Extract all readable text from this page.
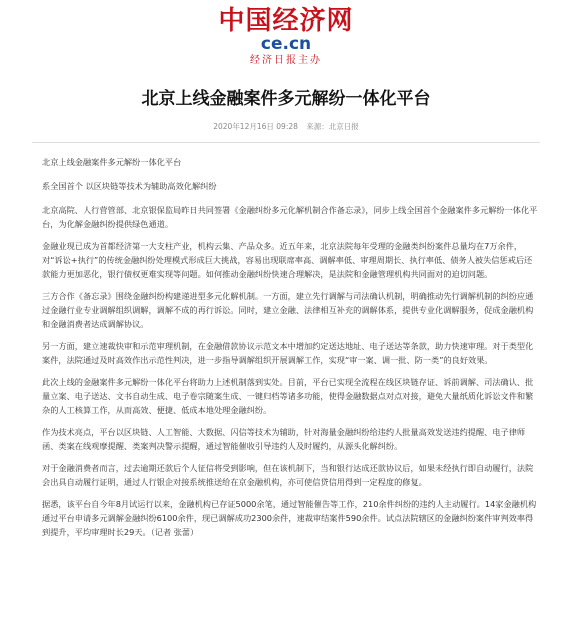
中国经济网
ce.cn
经济日报主办
北京上线金融案件多元解纷一体化平台
2020年12月16日 09:28 来源：北京日报

北京上线金融案件多元解纷一体化平台

系全国首个 以区块链等技术为辅助高效化解纠纷

北京高院、人行营管部、北京银保监局昨日共同签署《金融纠纷多元化解机制合作备忘录》，同步上线全国首个金融案件多元解纷一体化平台，为化解金融纠纷提供绿色通道。

金融业现已成为首都经济第一大支柱产业，机构云集、产品众多。近五年来，北京法院每年受理的金融类纠纷案件总量均在7万余件，对“诉讼+执行”的传统金融纠纷处理模式形成巨大挑战，容易出现联席率高、调解率低、审理周期长、执行率低、债务人被失信惩戒后还款能力更加恶化，银行债权更难实现等问题。如何推动金融纠纷快速合理解决，是法院和金融管理机构共同面对的迫切问题。

三方合作《备忘录》围绕金融纠纷构建递进型多元化解机制。一方面，建立先行调解与司法确认机制，明确推动先行调解机制的纠纷应通过金融行业专业调解组织调解，调解不成的再行诉讼。同时，建立金融、法律相互补充的调解体系，提供专业化调解服务，促成金融机构和金融消费者达成调解协议。

另一方面，建立速裁快审和示范审理机制，在金融借款协议示范文本中增加约定送达地址、电子送达等条款，助力快速审理。对于类型化案件，法院通过及时高效作出示范性判决，进一步指导调解组织开展调解工作，实现“审一案、调一批、防一类”的良好效果。

此次上线的金融案件多元解纷一体化平台将助力上述机制落到实处。目前，平台已实现全流程在线区块链存证、诉前调解、司法确认、批量立案、电子送达、文书自动生成、电子卷宗随案生成、一键归档等诸多功能，使得金融数据点对点对接，避免大量纸质化诉讼文件和繁杂的人工核算工作，从而高效、便捷、低成本地处理金融纠纷。

作为技术亮点，平台以区块链、人工智能、大数据、闪信等技术为辅助，针对海量金融纠纷给违约人批量高效发送违约提醒、电子律师函、类案在线观摩提醒、类案判决警示提醒，通过智能催收引导违约人及时履约，从源头化解纠纷。

对于金融消费者而言，过去逾期还款后个人征信将受到影响，但在该机制下，当和银行达成还款协议后，如果未经执行即自动履行，法院会出具自动履行证明，通过人行银企对接系统推送给在京金融机构，亦可使信贷信用得到一定程度的修复。

据悉，该平台自今年8月试运行以来，金融机构已存证5000余笔，通过智能催告等工作，210余件纠纷的违约人主动履行。14家金融机构通过平台申请多元调解金融纠纷6100余件，现已调解成功2300余件，速裁审结案件590余件。试点法院辖区的金融纠纷案件审判效率得到提升，平均审理时长29天。（记者 张蕾）
